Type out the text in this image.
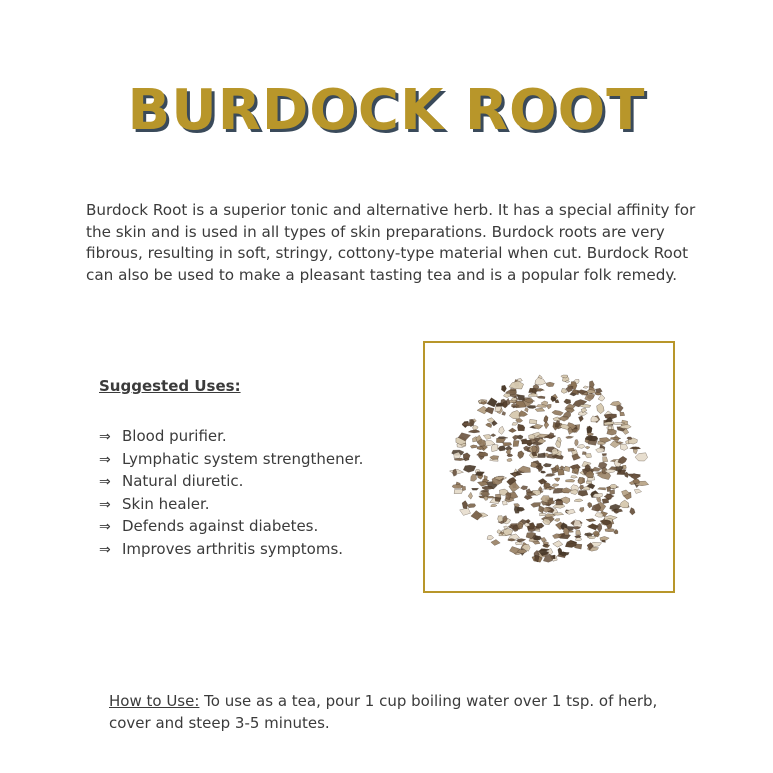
BURDOCK ROOT

Burdock Root is a superior tonic and alternative herb. It has a special affinity for the skin and is used in all types of skin preparations. Burdock roots are very fibrous, resulting in soft, stringy, cottony-type material when cut. Burdock Root can also be used to make a pleasant tasting tea and is a popular folk remedy.

Suggested Uses:
⇒ Blood purifier.
⇒ Lymphatic system strengthener.
⇒ Natural diuretic.
⇒ Skin healer.
⇒ Defends against diabetes.
⇒ Improves arthritis symptoms.

How to Use: To use as a tea, pour 1 cup boiling water over 1 tsp. of herb, cover and steep 3-5 minutes.
